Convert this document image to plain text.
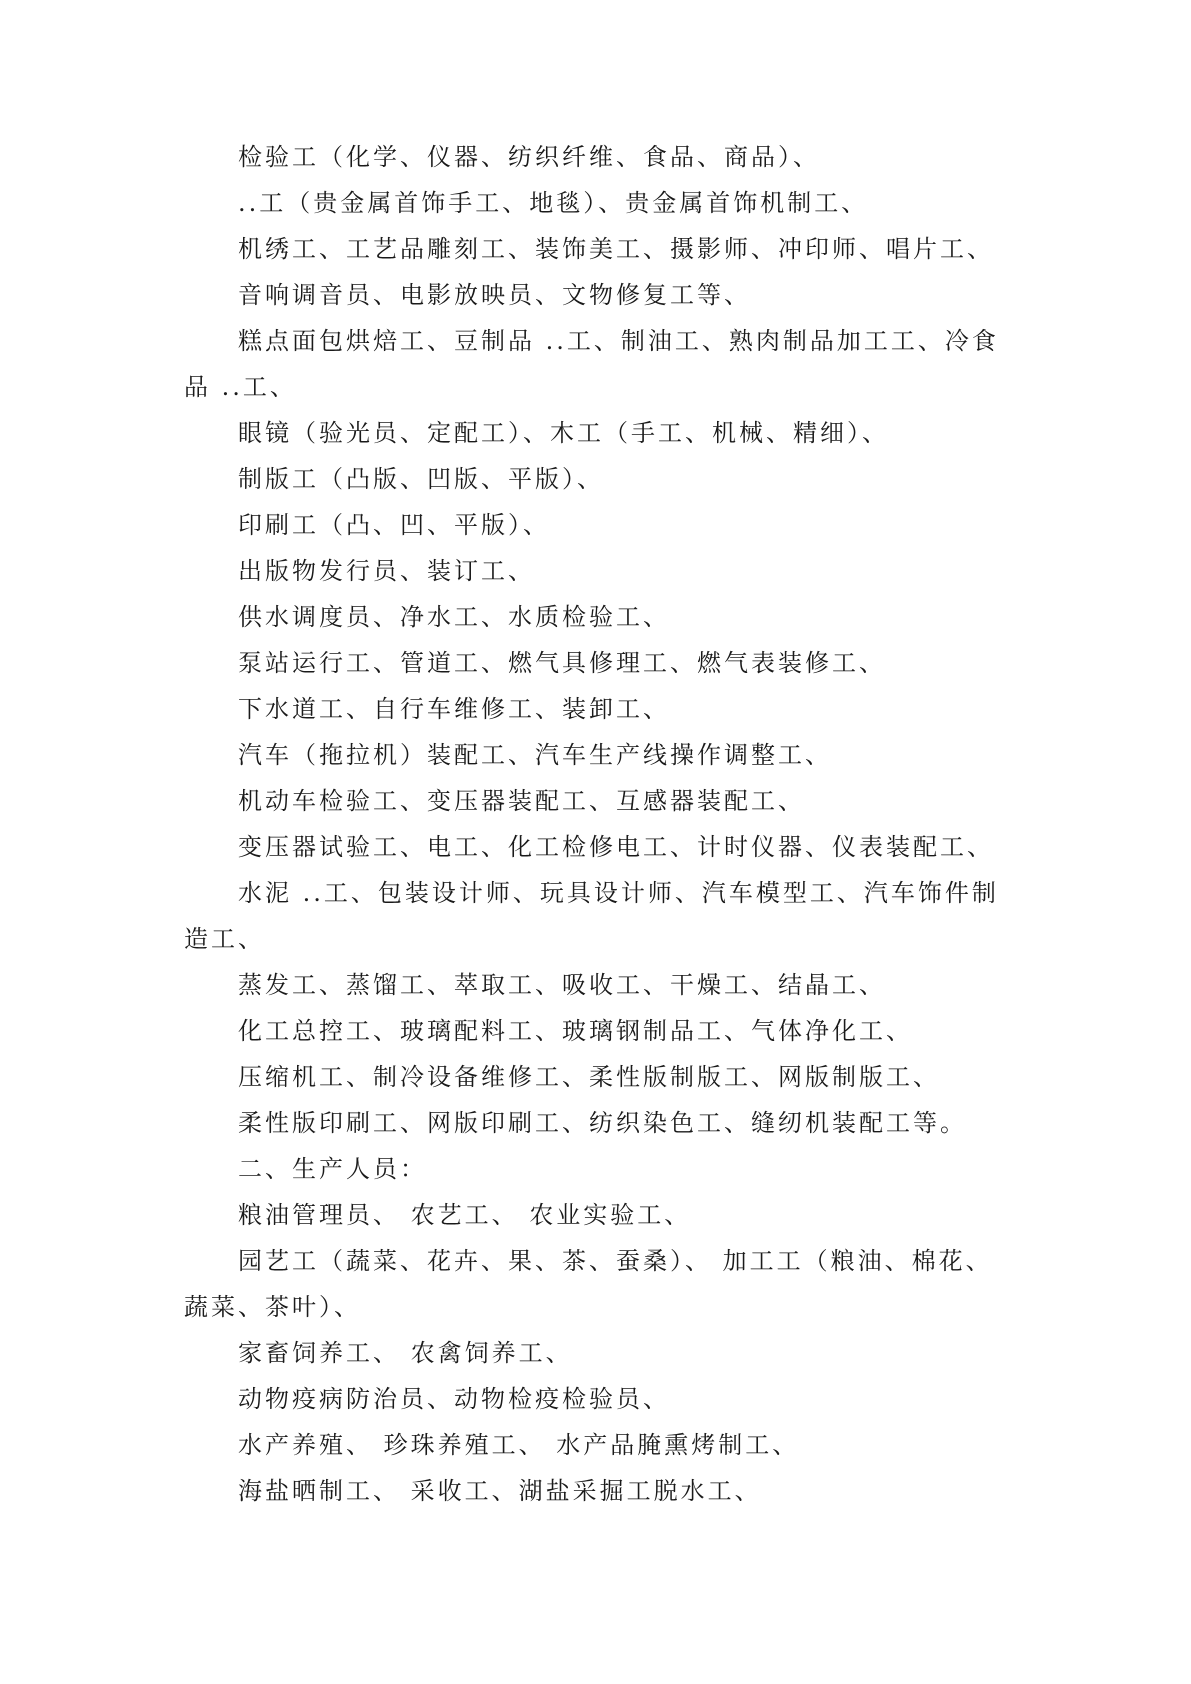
检验工（化学、仪器、纺织纤维、食品、商品）、

..工（贵金属首饰手工、地毯）、贵金属首饰机制工、

机绣工、工艺品雕刻工、装饰美工、摄影师、冲印师、唱片工、

音响调音员、电影放映员、文物修复工等、

糕点面包烘焙工、豆制品 ..工、制油工、熟肉制品加工工、冷食品 ..工、

眼镜（验光员、定配工）、木工（手工、机械、精细）、

制版工（凸版、凹版、平版）、

印刷工（凸、凹、平版）、

出版物发行员、装订工、

供水调度员、净水工、水质检验工、

泵站运行工、管道工、燃气具修理工、燃气表装修工、

下水道工、自行车维修工、装卸工、

汽车（拖拉机）装配工、汽车生产线操作调整工、

机动车检验工、变压器装配工、互感器装配工、

变压器试验工、电工、化工检修电工、计时仪器、仪表装配工、

水泥 ..工、包装设计师、玩具设计师、汽车模型工、汽车饰件制造工、

蒸发工、蒸馏工、萃取工、吸收工、干燥工、结晶工、

化工总控工、玻璃配料工、玻璃钢制品工、气体净化工、

压缩机工、制冷设备维修工、柔性版制版工、网版制版工、

柔性版印刷工、网版印刷工、纺织染色工、缝纫机装配工等。

二、生产人员：

粮油管理员、 农艺工、 农业实验工、

园艺工（蔬菜、花卉、果、茶、蚕桑）、 加工工（粮油、棉花、蔬菜、茶叶）、

家畜饲养工、 农禽饲养工、

动物疫病防治员、动物检疫检验员、

水产养殖、 珍珠养殖工、 水产品腌熏烤制工、

海盐晒制工、 采收工、湖盐采掘工脱水工、
